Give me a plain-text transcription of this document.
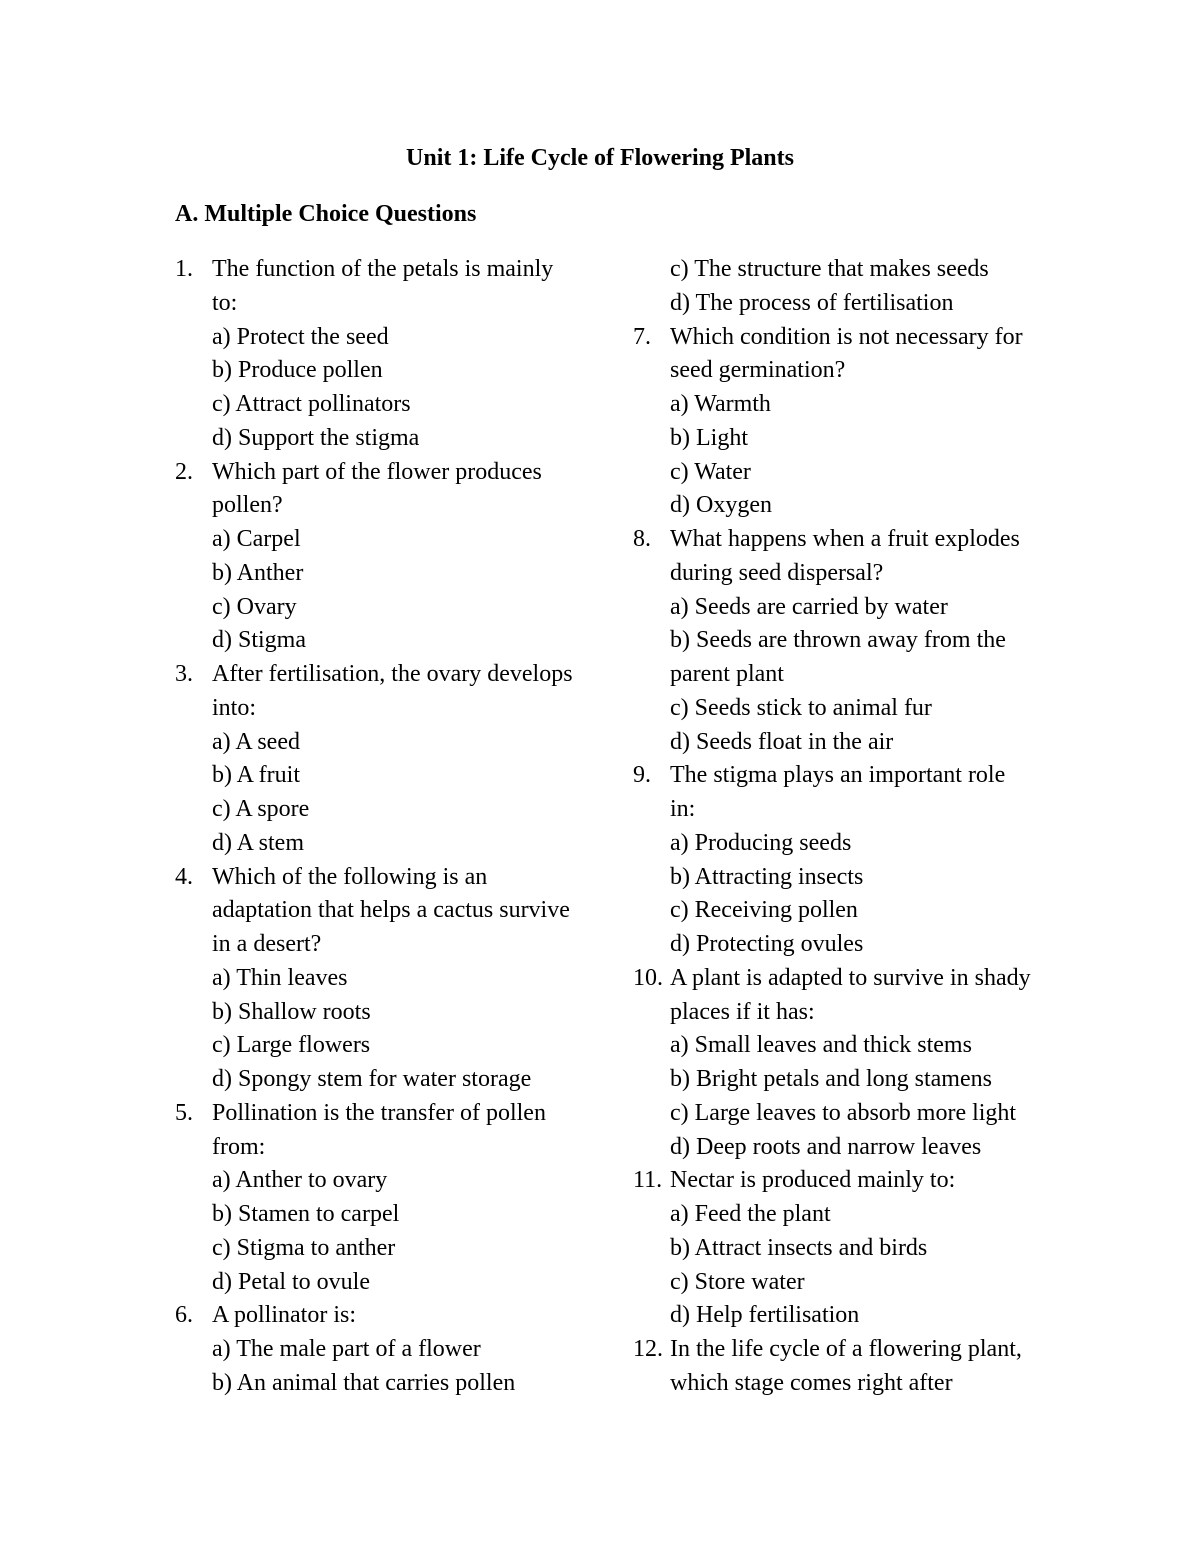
Unit 1: Life Cycle of Flowering Plants
A. Multiple Choice Questions
1. The function of the petals is mainly
to:
a) Protect the seed
b) Produce pollen
c) Attract pollinators
d) Support the stigma
2. Which part of the flower produces
pollen?
a) Carpel
b) Anther
c) Ovary
d) Stigma
3. After fertilisation, the ovary develops
into:
a) A seed
b) A fruit
c) A spore
d) A stem
4. Which of the following is an
adaptation that helps a cactus survive
in a desert?
a) Thin leaves
b) Shallow roots
c) Large flowers
d) Spongy stem for water storage
5. Pollination is the transfer of pollen
from:
a) Anther to ovary
b) Stamen to carpel
c) Stigma to anther
d) Petal to ovule
6. A pollinator is:
a) The male part of a flower
b) An animal that carries pollen
c) The structure that makes seeds
d) The process of fertilisation
7. Which condition is not necessary for
seed germination?
a) Warmth
b) Light
c) Water
d) Oxygen
8. What happens when a fruit explodes
during seed dispersal?
a) Seeds are carried by water
b) Seeds are thrown away from the
parent plant
c) Seeds stick to animal fur
d) Seeds float in the air
9. The stigma plays an important role
in:
a) Producing seeds
b) Attracting insects
c) Receiving pollen
d) Protecting ovules
10. A plant is adapted to survive in shady
places if it has:
a) Small leaves and thick stems
b) Bright petals and long stamens
c) Large leaves to absorb more light
d) Deep roots and narrow leaves
11. Nectar is produced mainly to:
a) Feed the plant
b) Attract insects and birds
c) Store water
d) Help fertilisation
12. In the life cycle of a flowering plant,
which stage comes right after
